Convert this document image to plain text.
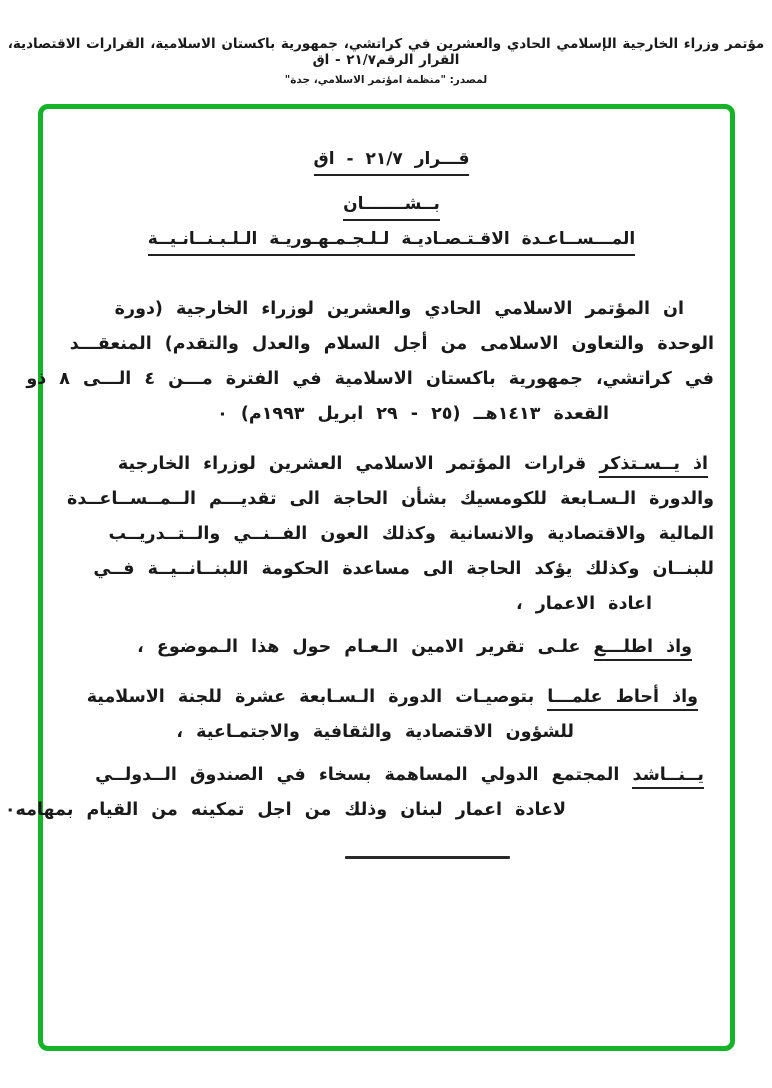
مؤتمر وزراء الخارجية الإسلامي الحادي والعشرين في كراتشي، جمهورية باكستان الاسلامية، القرارات الاقتصادية، القرار الرقم٢١/٧ - اق
لمصدر: "منظمة امؤتمر الاسلامي، جدة"
قـــرار ٢١/٧ - اق
بــشـــــــان
المـــســاعـدة الاقـتـصـاديـة لـلـجـمـهـوريـة الـلـبـنــانـيــة
ان المؤتمر الاسلامي الحادي والعشرين لوزراء الخارجية (دورة
الوحدة والتعاون الاسلامى من أجل السلام والعدل والتقدم) المنعقـــد
في كراتشي، جمهورية باكستان الاسلامية في الفترة مـــن ٤ الـــى ٨ ذو
القعدة ١٤١٣هــ (٢٥ - ٢٩ ابريل ١٩٩٣م) ٠
اذ يــسـتذكر قرارات المؤتمر الاسلامي العشرين لوزراء الخارجية
والدورة الـسـابعة للكومسيك بشأن الحاجة الى تقديـــم الــمــســاعــدة
المالية والاقتصادية والانسانية وكذلك العون الفــنــي والــتــدريــب
للبنــان وكذلك يؤكد الحاجة الى مساعدة الحكومة اللبنــانــيــة فــي
اعادة الاعمار ،
واذ اطلـــع علـى تقرير الامين الـعـام حول هذا الـموضوع ،
واذ أحاط علمـــا بتوصيـات الدورة الـسـابعة عشرة للجنة الاسلامية
للشؤون الاقتصادية والثقافية والاجتمـاعية ،
يــنــاشد المجتمع الدولي المساهمة بسخاء في الصندوق الــدولــي
لاعادة اعمار لبنان وذلك من اجل تمكينه من القيام بمهامه٠
